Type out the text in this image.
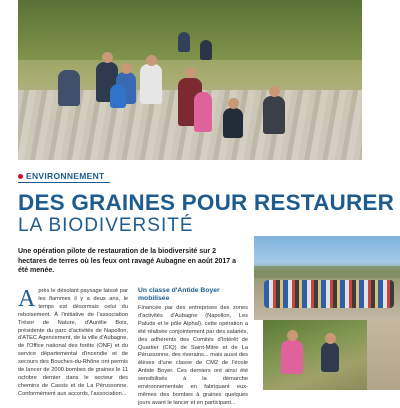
ENVIRONNEMENT
DES GRAINES POUR RESTAURER
LA BIODIVERSITÉ
Une opération pilote de restauration de la biodiversité sur 2 hectares de terres où les feux ont ravagé Aubagne en août 2017 a été menée.
A près le désolant paysage laissé par les flammes il y a deux ans, le temps est désormais celui du reboisement. À l'initiative de l'association Trésor de Nature, d'Aurélie Bois, présidente du parc d'activités de Napollon, d'ATEC Agencement, de la ville d'Aubagne, de l'Office national des forêts (ONF) et du service départemental d'incendie et de secours des Bouches-du-Rhône ont permis de lancer de 2000 bombes de graines le 11 octobre dernier dans le secteur des chemins de Cassis et de La Pérussonne. Conformément aux accords, l'association...
Un classe d'Antide Boyer mobilisée
Financée par des entreprises des zones d'activités d'Aubagne (Napollon, Les Paluds et le pôle Alphal), cette opération a été réalisée conjointement par des salariés, des adhérents des Comités d'Intérêt de Quartier (CIQ) de Saint-Mitre et de La Pérussonne, des riverains... mais aussi des élèves d'une classe de CM2 de l'école Antide Boyer. Ces derniers ont ainsi été sensibilisés à la démarche environnementale en fabriquant eux-mêmes des bombes à graines quelques jours avant le lancer et en participant...
